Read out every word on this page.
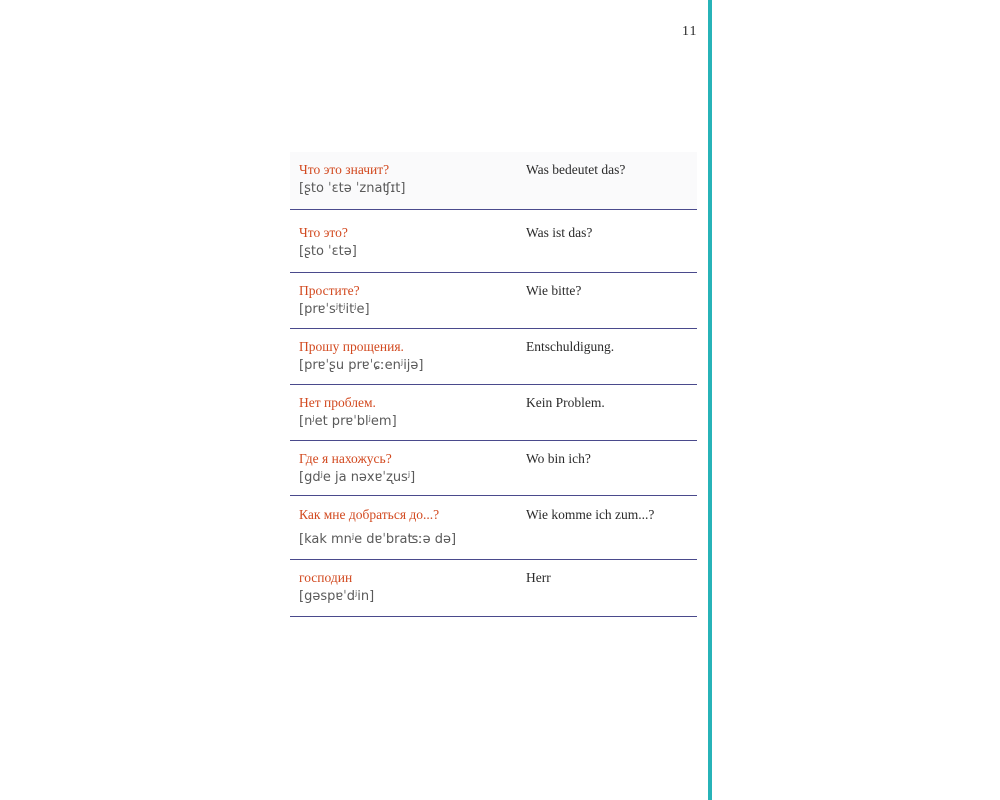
11
Что это значит?
[ʂto ˈɛtə ˈznaʧɪt]
Was bedeutet das?
Что это?
[ʂto ˈɛtə]
Was ist das?
Простите?
[prɐˈsʲtʲitʲe]
Wie bitte?
Прошу прощения.
[prɐˈʂu prɐˈɕːenʲijə]
Entschuldigung.
Нет проблем.
[nʲet prɐˈblʲem]
Kein Problem.
Где я нахожусь?
[gdʲe ja nəxɐˈʐusʲ]
Wo bin ich?
Как мне добраться до...?
[kak mnʲe dɐˈbraʦːə də]
Wie komme ich zum...?
господин
[gəspɐˈdʲin]
Herr
